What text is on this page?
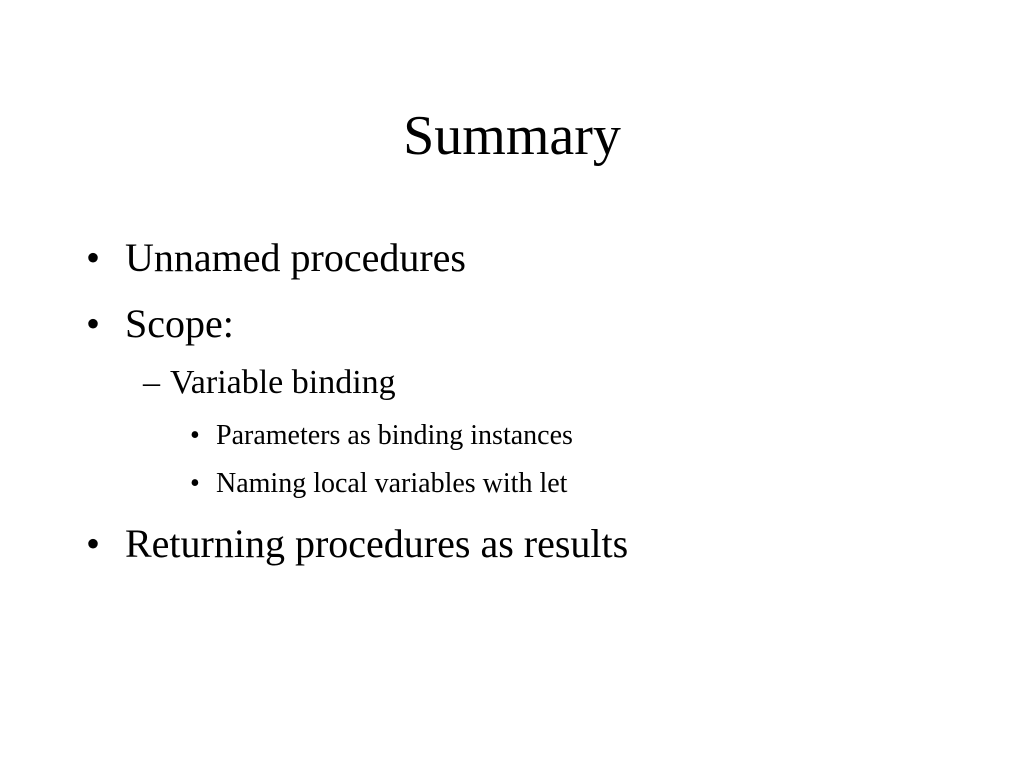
Summary
• Unnamed procedures
• Scope:
– Variable binding
• Parameters as binding instances
• Naming local variables with let
• Returning procedures as results
